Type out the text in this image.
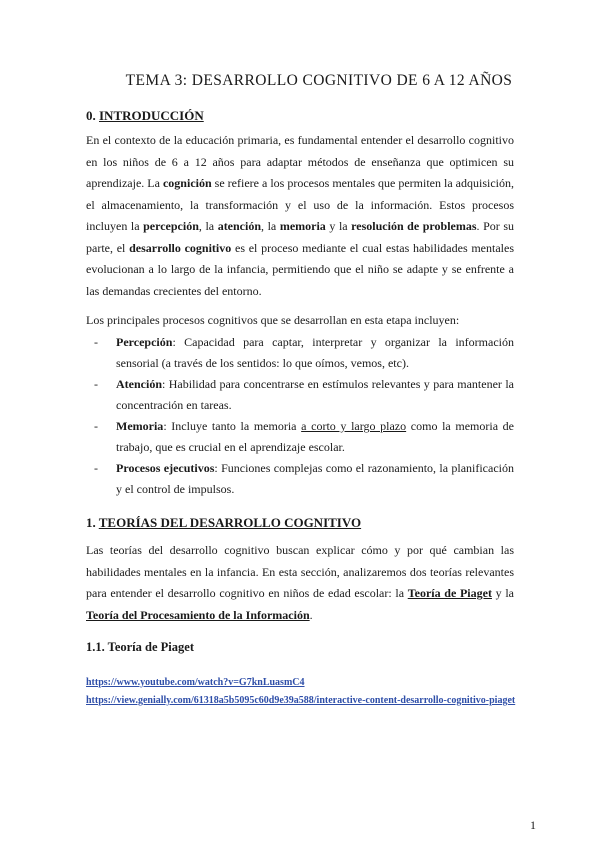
TEMA 3: DESARROLLO COGNITIVO DE 6 A 12 AÑOS
0. INTRODUCCIÓN
En el contexto de la educación primaria, es fundamental entender el desarrollo cognitivo en los niños de 6 a 12 años para adaptar métodos de enseñanza que optimicen su aprendizaje. La cognición se refiere a los procesos mentales que permiten la adquisición, el almacenamiento, la transformación y el uso de la información. Estos procesos incluyen la percepción, la atención, la memoria y la resolución de problemas. Por su parte, el desarrollo cognitivo es el proceso mediante el cual estas habilidades mentales evolucionan a lo largo de la infancia, permitiendo que el niño se adapte y se enfrente a las demandas crecientes del entorno.
Los principales procesos cognitivos que se desarrollan en esta etapa incluyen:
- Percepción: Capacidad para captar, interpretar y organizar la información sensorial (a través de los sentidos: lo que oímos, vemos, etc).
- Atención: Habilidad para concentrarse en estímulos relevantes y para mantener la concentración en tareas.
- Memoria: Incluye tanto la memoria a corto y largo plazo como la memoria de trabajo, que es crucial en el aprendizaje escolar.
- Procesos ejecutivos: Funciones complejas como el razonamiento, la planificación y el control de impulsos.
1. TEORÍAS DEL DESARROLLO COGNITIVO
Las teorías del desarrollo cognitivo buscan explicar cómo y por qué cambian las habilidades mentales en la infancia. En esta sección, analizaremos dos teorías relevantes para entender el desarrollo cognitivo en niños de edad escolar: la Teoría de Piaget y la Teoría del Procesamiento de la Información.
1.1. Teoría de Piaget
https://www.youtube.com/watch?v=G7knLuasmC4
https://view.genially.com/61318a5b5095c60d9e39a588/interactive-content-desarrollo-cognitivo-piaget
1
